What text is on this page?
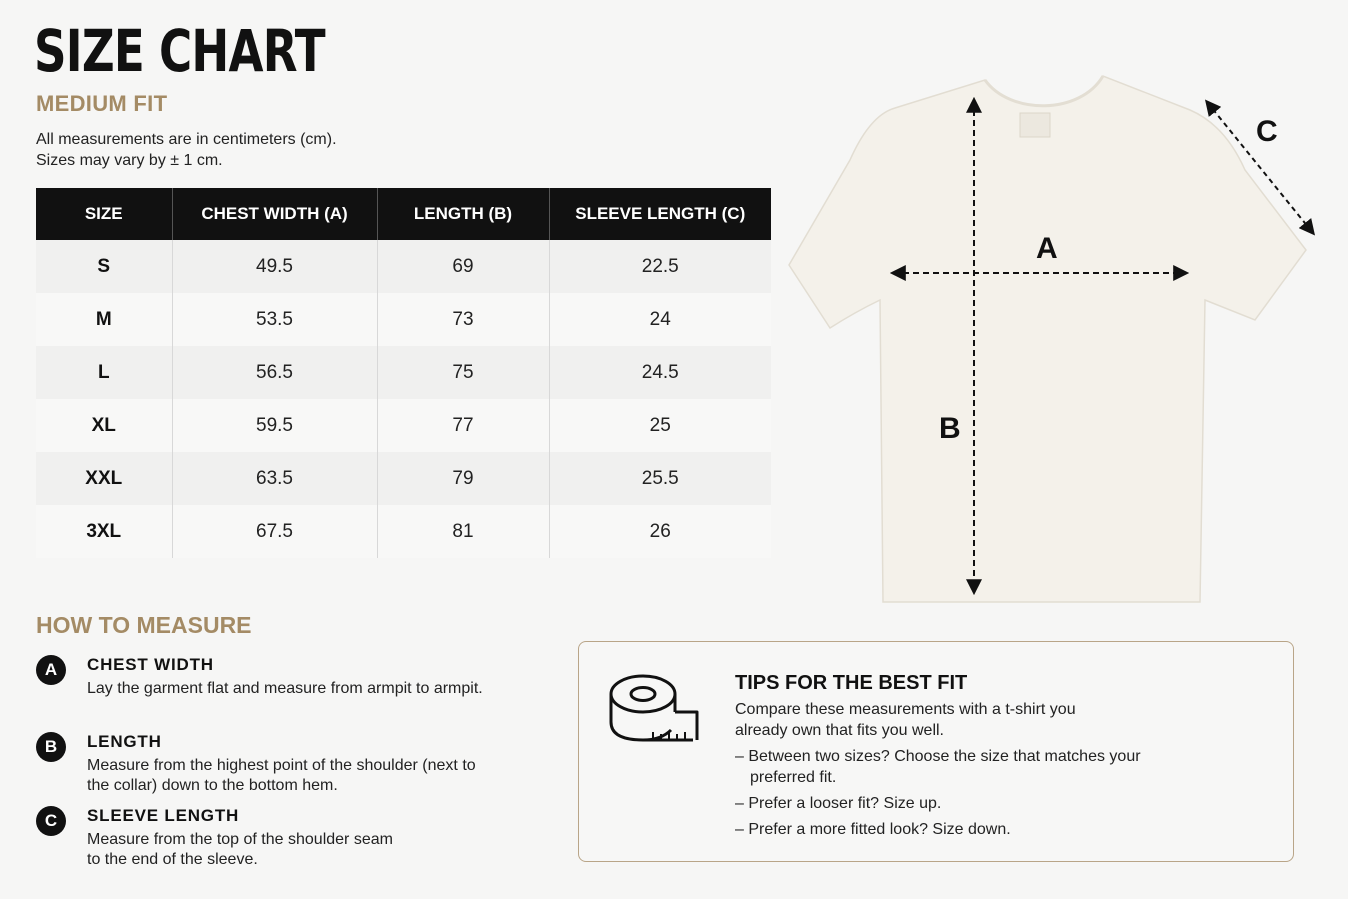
SIZE CHART
MEDIUM FIT
All measurements are in centimeters (cm).
Sizes may vary by ± 1 cm.
SIZE	CHEST WIDTH (A)	LENGTH (B)	SLEEVE LENGTH (C)
S	49.5	69	22.5
M	53.5	73	24
L	56.5	75	24.5
XL	59.5	77	25
XXL	63.5	79	25.5
3XL	67.5	81	26
A
B
C
HOW TO MEASURE
A	CHEST WIDTH
Lay the garment flat and measure from armpit to armpit.
B	LENGTH
Measure from the highest point of the shoulder (next to the collar) down to the bottom hem.
C	SLEEVE LENGTH
Measure from the top of the shoulder seam to the end of the sleeve.
TIPS FOR THE BEST FIT
Compare these measurements with a t-shirt you already own that fits you well.
– Between two sizes? Choose the size that matches your preferred fit.
– Prefer a looser fit? Size up.
– Prefer a more fitted look? Size down.
